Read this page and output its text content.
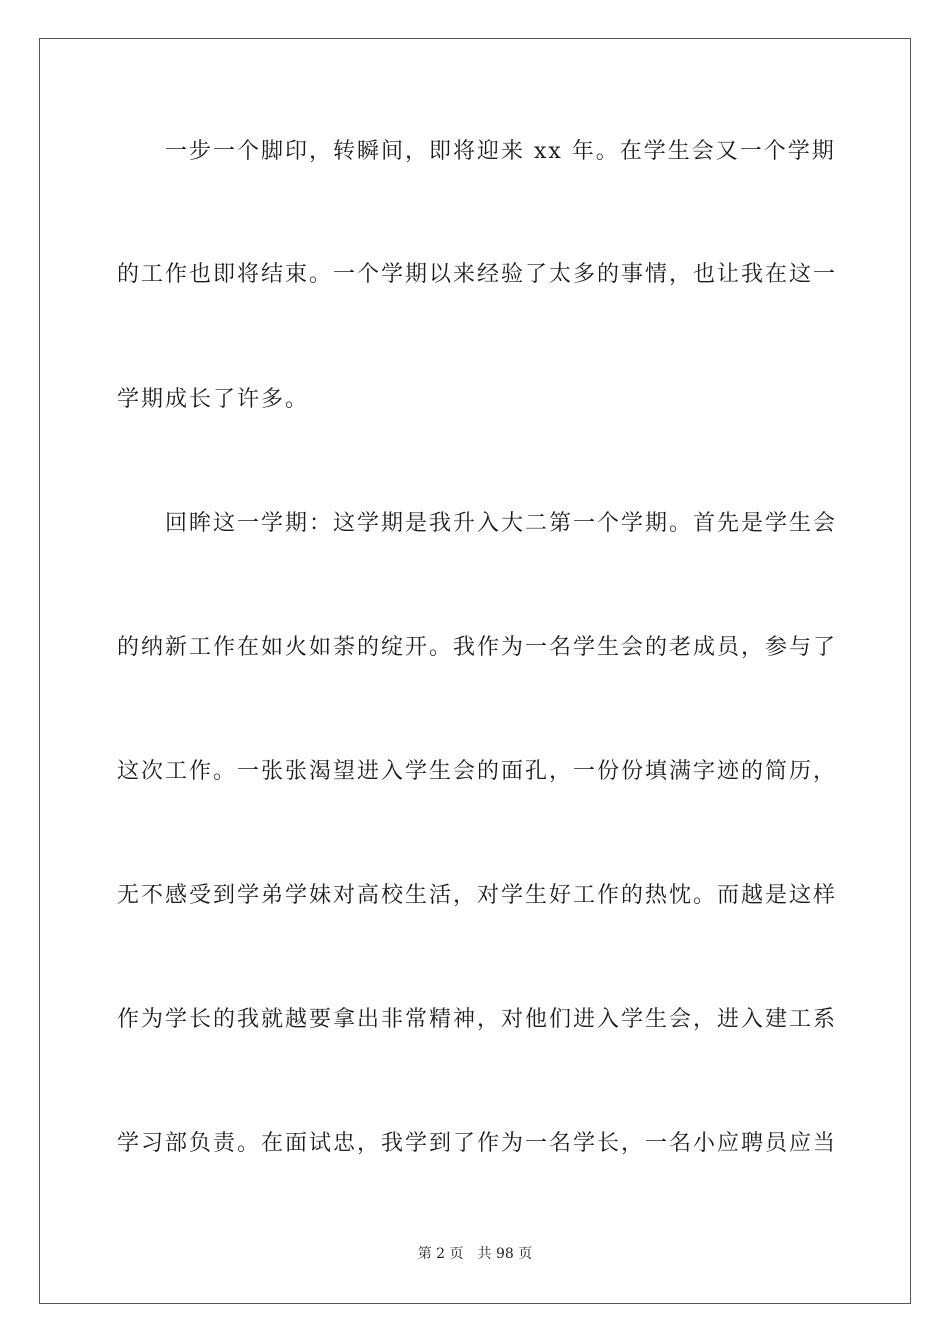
　　一步一个脚印，转瞬间，即将迎来 xx 年。在学生会又一个学期
的工作也即将结束。一个学期以来经验了太多的事情，也让我在这一
学期成长了许多。
　　回眸这一学期：这学期是我升入大二第一个学期。首先是学生会
的纳新工作在如火如荼的绽开。我作为一名学生会的老成员，参与了
这次工作。一张张渴望进入学生会的面孔，一份份填满字迹的简历，
无不感受到学弟学妹对高校生活，对学生好工作的热忱。而越是这样
作为学长的我就越要拿出非常精神，对他们进入学生会，进入建工系
学习部负责。在面试忠，我学到了作为一名学长，一名小应聘员应当
第 2 页　共 98 页
